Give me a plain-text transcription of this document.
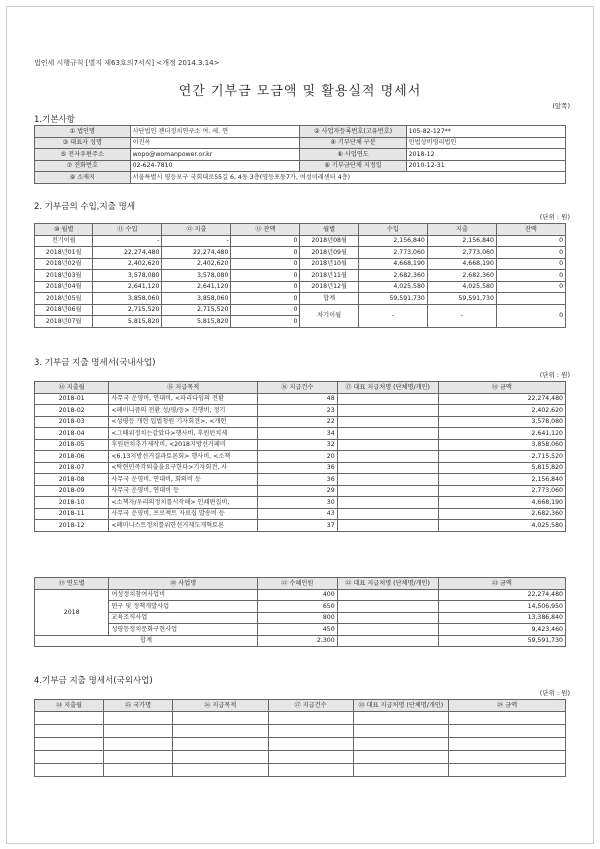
법인세 시행규칙 [별지 제63호의7서식] <개정 2014.3.14>
연간 기부금 모금액 및 활용실적 명세서
(앞쪽)
1.기본사항
① 법인명	사단법인 젠더정치연구소 여. 세. 연	② 사업자등록번호(고유번호)	105-82-127**
③ 대표자 성명	이진옥	④ 기부단체 구분	민법상비영리법인
⑤ 전자우편주소	wopo@womanpower.or.kr	⑥ 사업연도	2018-12
⑦ 전화번호	02-624-7810	⑧ 기부금단체 지정일	2010-12-31
⑨ 소재지	서울특별시 영등포구 국회대로55길 6, 4동 3층(영등포동7가, 여성미래센터 4층)		
2. 기부금의 수입,지출 명세
(단위 : 원)
⑩ 월별	⑪ 수입	⑫ 지출	⑬ 잔액	월별	수입	지출	잔액
전기이월	-	-	0	2018년08월	2,156,840	2,156,840	0
2018년01월	22,274,480	22,274,480	0	2018년09월	2,773,060	2,773,060	0
2018년02월	2,402,620	2,402,620	0	2018년10월	4,668,190	4,668,190	0
2018년03월	3,578,080	3,578,080	0	2018년11월	2,682,360	2,682,360	0
2018년04월	2,641,120	2,641,120	0	2018년12월	4,025,580	4,025,580	0
2018년05월	3,858,060	3,858,060	0	합계	59,591,730	59,591,730	
2018년06월	2,715,520	2,715,520	0	차기이월	-	-	0
2018년07월	5,815,820	5,815,820	0				
3. 기부금 지출 명세서(국내사업)
(단위 : 원)
⑭ 지출월	⑮ 지급목적	⑯ 지급건수	⑰ 대표 지급처명 (단체명/개인)	⑱ 금액
2018-01	사무국 운영비, 연대비, <파리다임의 전환	48		22,274,480
2018-02	<페미니즘의 전환 성/평/등> 진행비, 정기	23		2,402,620
2018-03	<성평등 개헌 입법청원 기자회견>, <개헌	22		3,578,080
2018-04	<그때위정치는같았다>행사비, 후원펀치제	34		2,641,120
2018-05	후원펀치추가제작비, <2018지방선거페미	32		3,858,060
2018-06	<6.13지방선거결과토론회> 행사비, <소책	20		2,715,520
2018-07	<탁현민즉각퇴출을요구한다>기자회견, 사	36		5,815,820
2018-08	사무국 운영비, 연대비, 회의비 등	36		2,156,840
2018-09	사무국 운영비, 연대비 등	29		2,773,060
2018-10	<소책자/우리의정치를시작해> 인쇄편집비,	30		4,668,190
2018-11	사무국 운영비, 프로젝트 자료집 발송비 등	43		2,682,360
2018-12	<페미니스트정치를위한선거제도개혁토론	37		4,025,580
⑲ 연도별	⑳ 사업명	㉑ 수혜인원	㉒ 대표 지급처명 (단체명/개인)	㉓ 금액
2018	여성정치참여사업비	400		22,274,480
	연구 및 정책개발사업	650		14,506,950
	교육조직사업	800		13,386,840
	성평등정치문화구현사업	450		9,423,460
합계		2,300		59,591,730
4.기부금 지출 명세서(국외사업)
(단위 : 원)
㉔ 지출월	㉕ 국가명	㉖ 지급목적	㉗ 지급건수	㉘ 대표 지급처명 (단체명/개인)	㉙ 금액
